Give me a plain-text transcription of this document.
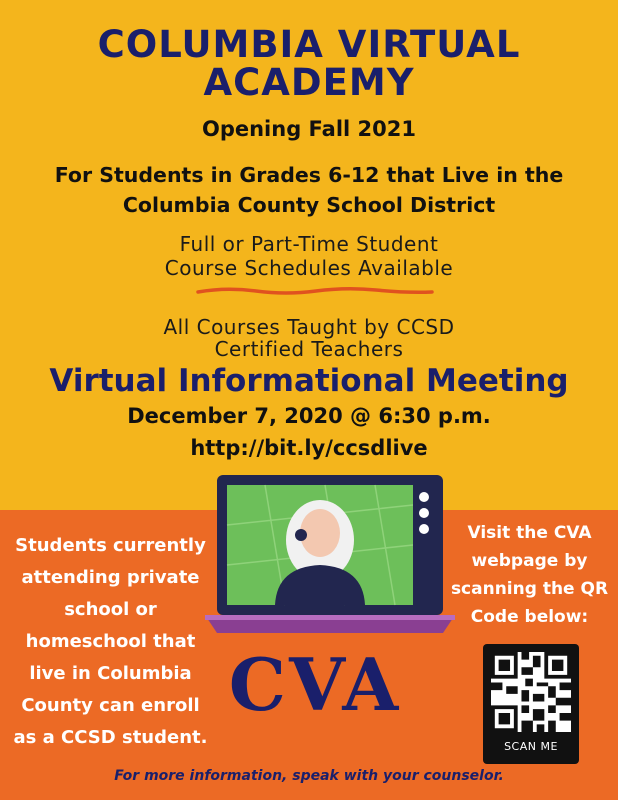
COLUMBIA VIRTUAL
ACADEMY
Opening Fall 2021
For Students in Grades 6-12 that Live in the
Columbia County School District
Full or Part-Time Student
Course Schedules Available
All Courses Taught by CCSD
Certified Teachers
Virtual Informational Meeting
December 7, 2020 @ 6:30 p.m.
http://bit.ly/ccsdlive
Students currently attending private school or homeschool that live in Columbia County can enroll as a CCSD student.
Visit the CVA webpage by scanning the QR Code below:
CVA
SCAN ME
For more information, speak with your counselor.
